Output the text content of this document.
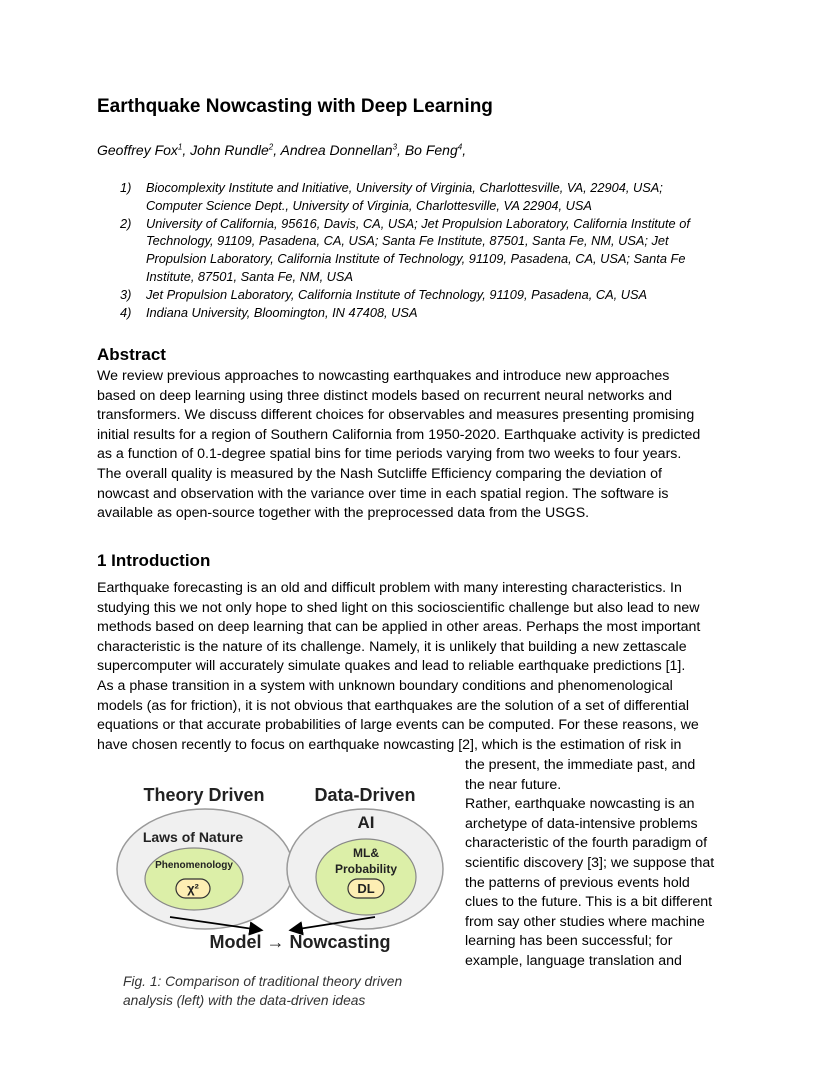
Earthquake Nowcasting with Deep Learning
Geoffrey Fox$^1$, John Rundle$^2$, Andrea Donnellan$^3$, Bo Feng$^4$,
1) Biocomplexity Institute and Initiative, University of Virginia, Charlottesville, VA, 22904, USA;
Computer Science Dept., University of Virginia, Charlottesville, VA 22904, USA
2) University of California, 95616, Davis, CA, USA; Jet Propulsion Laboratory, California Institute of
Technology, 91109, Pasadena, CA, USA; Santa Fe Institute, 87501, Santa Fe, NM, USA; Jet
Propulsion Laboratory, California Institute of Technology, 91109, Pasadena, CA, USA; Santa Fe
Institute, 87501, Santa Fe, NM, USA
3) Jet Propulsion Laboratory, California Institute of Technology, 91109, Pasadena, CA, USA
4) Indiana University, Bloomington, IN 47408, USA
Abstract

We review previous approaches to nowcasting earthquakes and introduce new approaches
based on deep learning using three distinct models based on recurrent neural networks and
transformers. We discuss different choices for observables and measures presenting promising
initial results for a region of Southern California from 1950-2020. Earthquake activity is predicted
as a function of 0.1-degree spatial bins for time periods varying from two weeks to four years.
The overall quality is measured by the Nash Sutcliffe Efficiency comparing the deviation of
nowcast and observation with the variance over time in each spatial region. The software is
available as open-source together with the preprocessed data from the USGS.

1 Introduction

Earthquake forecasting is an old and difficult problem with many interesting characteristics. In
studying this we not only hope to shed light on this socioscientific challenge but also lead to new
methods based on deep learning that can be applied in other areas. Perhaps the most important
characteristic is the nature of its challenge. Namely, it is unlikely that building a new zettascale
supercomputer will accurately simulate quakes and lead to reliable earthquake predictions [1].
As a phase transition in a system with unknown boundary conditions and phenomenological
models (as for friction), it is not obvious that earthquakes are the solution of a set of differential
equations or that accurate probabilities of large events can be computed. For these reasons, we
have chosen recently to focus on earthquake nowcasting [2], which is the estimation of risk in

the present, the immediate past, and
the near future.
Rather, earthquake nowcasting is an
archetype of data-intensive problems
characteristic of the fourth paradigm of
scientific discovery [3]; we suppose that
the patterns of previous events hold
clues to the future. This is a bit different
from say other studies where machine
learning has been successful; for
example, language translation and
Theory Driven	Data-Driven
Laws of Nature
Phenomenology
χ²
AI
ML&
Probability
DL
Model → Nowcasting
Fig. 1: Comparison of traditional theory driven
analysis (left) with the data-driven ideas
